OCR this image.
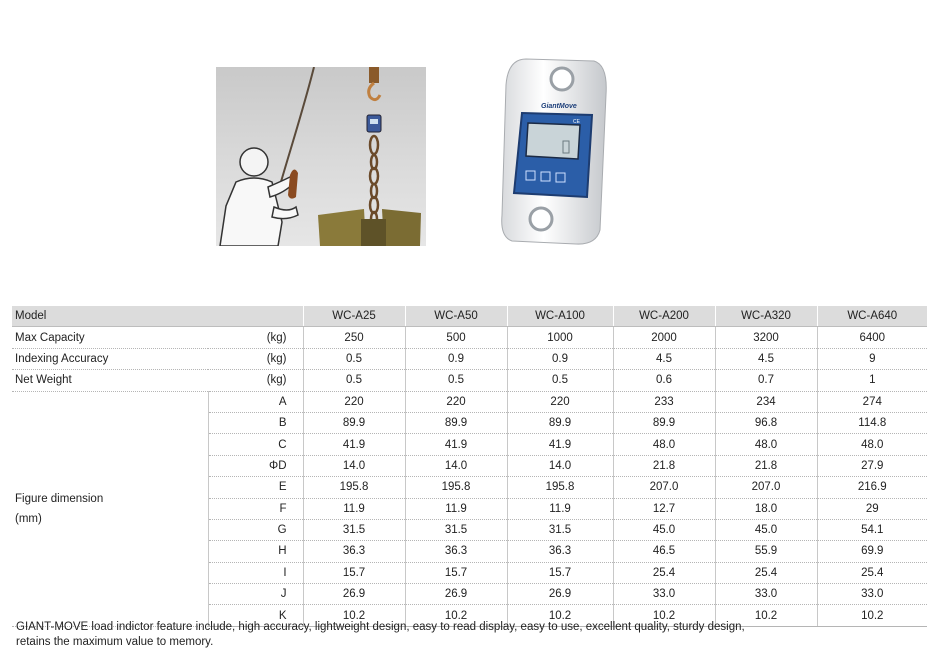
GiantMove
CE
Model		WC-A25	WC-A50	WC-A100	WC-A200	WC-A320	WC-A640
Max Capacity	(kg)	250	500	1000	2000	3200	6400
Indexing Accuracy	(kg)	0.5	0.9	0.9	4.5	4.5	9
Net Weight	(kg)	0.5	0.5	0.5	0.6	0.7	1

Figure dimension
(mm)	A	220	220	220	233	234	274
	B	89.9	89.9	89.9	89.9	96.8	114.8
	C	41.9	41.9	41.9	48.0	48.0	48.0
	ΦD	14.0	14.0	14.0	21.8	21.8	27.9
	E	195.8	195.8	195.8	207.0	207.0	216.9
	F	11.9	11.9	11.9	12.7	18.0	29
	G	31.5	31.5	31.5	45.0	45.0	54.1
	H	36.3	36.3	36.3	46.5	55.9	69.9
	I	15.7	15.7	15.7	25.4	25.4	25.4
	J	26.9	26.9	26.9	33.0	33.0	33.0
	K	10.2	10.2	10.2	10.2	10.2	10.2
GIANT-MOVE load indictor feature include, high accuracy, lightweight design, easy to read display, easy to use, excellent quality, sturdy design,
retains the maximum value to memory.
